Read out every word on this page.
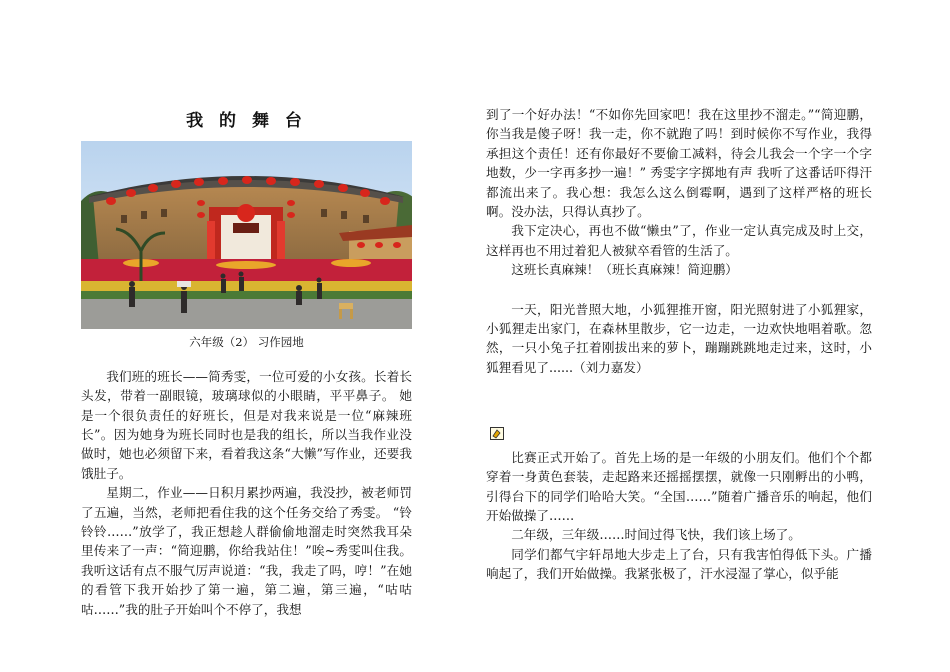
我 的 舞 台
六年级（2） 习作园地

我们班的班长——简秀雯，一位可爱的小女孩。长着长头发，带着一副眼镜，玻璃球似的小眼睛，平平鼻子。 她是一个很负责任的好班长，但是对我来说是一位“麻辣班长”。因为她身为班长同时也是我的组长，所以当我作业没做时，她也必须留下来，看着我这条“大懒”写作业，还要我饿肚子。

星期二，作业——日积月累抄两遍，我没抄，被老师罚了五遍，当然，老师把看住我的这个任务交给了秀雯。 “铃铃铃……”放学了，我正想趁人群偷偷地溜走时突然我耳朵里传来了一声：“简迎鹏，你给我站住！”唉~秀雯叫住我。我听这话有点不服气厉声说道：“我，我走了吗，哼！”在她的看管下我开始抄了第一遍，第二遍，第三遍，“咕咕咕……”我的肚子开始叫个不停了，我想

到了一个好办法！“不如你先回家吧！我在这里抄不溜走。”“简迎鹏，你当我是傻子呀！我一走，你不就跑了吗！到时候你不写作业，我得承担这个责任！还有你最好不要偷工减料，待会儿我会一个字一个字地数，少一字再多抄一遍！” 秀雯字字掷地有声 我听了这番话吓得汗都流出来了。我心想：我怎么这么倒霉啊，遇到了这样严格的班长啊。没办法，只得认真抄了。

我下定决心，再也不做“懒虫”了，作业一定认真完成及时上交，这样再也不用过着犯人被狱卒看管的生活了。

这班长真麻辣！（班长真麻辣！简迎鹏）

一天，阳光普照大地，小狐狸推开窗，阳光照射进了小狐狸家，小狐狸走出家门，在森林里散步，它一边走，一边欢快地唱着歌。忽然，一只小兔子扛着刚拔出来的萝卜，蹦蹦跳跳地走过来，这时，小狐狸看见了......（刘力嘉发）

比赛正式开始了。首先上场的是一年级的小朋友们。他们个个都穿着一身黄色套装，走起路来还摇摇摆摆，就像一只刚孵出的小鸭，引得台下的同学们哈哈大笑。“全国……”随着广播音乐的响起，他们开始做操了……

二年级，三年级……时间过得飞快，我们该上场了。

同学们都气宇轩昂地大步走上了台，只有我害怕得低下头。广播响起了，我们开始做操。我紧张极了，汗水浸湿了掌心，似乎能
